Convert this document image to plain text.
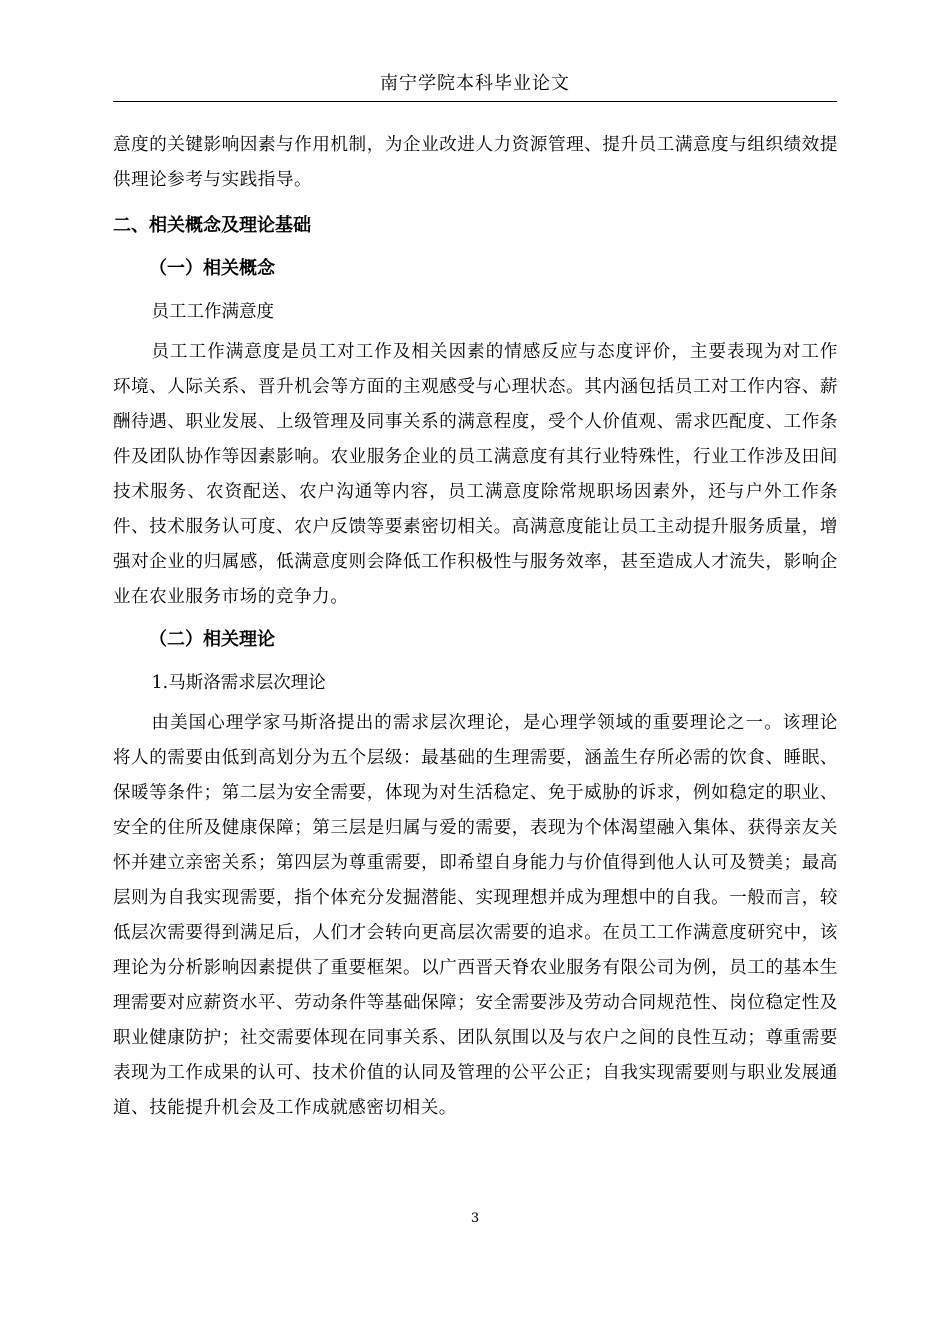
南宁学院本科毕业论文

意度的关键影响因素与作用机制，为企业改进人力资源管理、提升员工满意度与组织绩效提供理论参考与实践指导。

二、相关概念及理论基础
（一）相关概念
员工工作满意度

员工工作满意度是员工对工作及相关因素的情感反应与态度评价，主要表现为对工作环境、人际关系、晋升机会等方面的主观感受与心理状态。其内涵包括员工对工作内容、薪酬待遇、职业发展、上级管理及同事关系的满意程度，受个人价值观、需求匹配度、工作条件及团队协作等因素影响。农业服务企业的员工满意度有其行业特殊性，行业工作涉及田间技术服务、农资配送、农户沟通等内容，员工满意度除常规职场因素外，还与户外工作条件、技术服务认可度、农户反馈等要素密切相关。高满意度能让员工主动提升服务质量，增强对企业的归属感，低满意度则会降低工作积极性与服务效率，甚至造成人才流失，影响企业在农业服务市场的竞争力。

（二）相关理论
1.马斯洛需求层次理论

由美国心理学家马斯洛提出的需求层次理论，是心理学领域的重要理论之一。该理论将人的需要由低到高划分为五个层级：最基础的生理需要，涵盖生存所必需的饮食、睡眠、保暖等条件；第二层为安全需要，体现为对生活稳定、免于威胁的诉求，例如稳定的职业、安全的住所及健康保障；第三层是归属与爱的需要，表现为个体渴望融入集体、获得亲友关怀并建立亲密关系；第四层为尊重需要，即希望自身能力与价值得到他人认可及赞美；最高层则为自我实现需要，指个体充分发掘潜能、实现理想并成为理想中的自我。一般而言，较低层次需要得到满足后，人们才会转向更高层次需要的追求。在员工工作满意度研究中，该理论为分析影响因素提供了重要框架。以广西晋天脊农业服务有限公司为例，员工的基本生理需要对应薪资水平、劳动条件等基础保障；安全需要涉及劳动合同规范性、岗位稳定性及职业健康防护；社交需要体现在同事关系、团队氛围以及与农户之间的良性互动；尊重需要表现为工作成果的认可、技术价值的认同及管理的公平公正；自我实现需要则与职业发展通道、技能提升机会及工作成就感密切相关。

3
